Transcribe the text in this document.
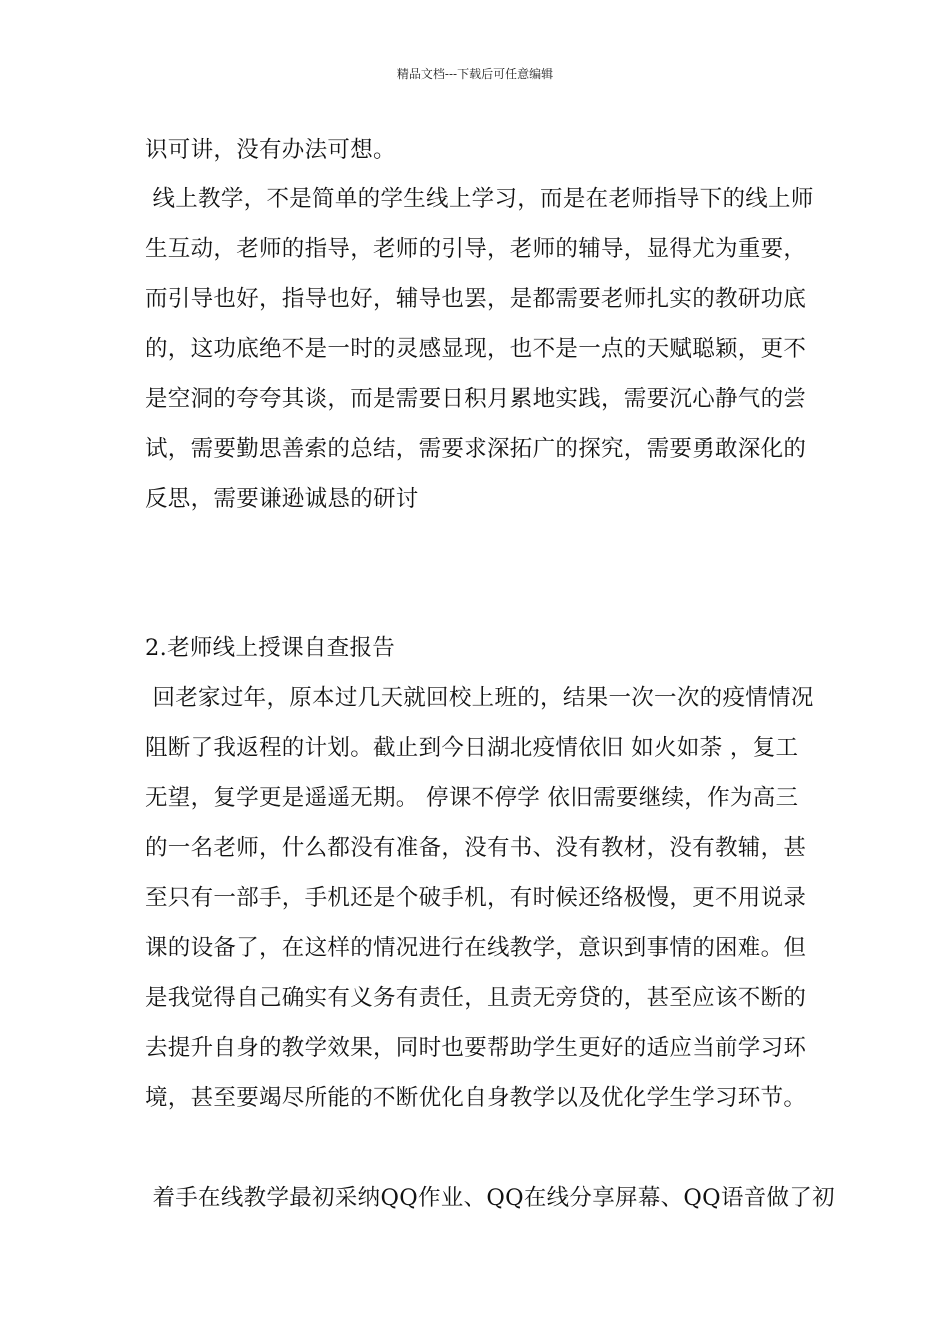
精品文档---下载后可任意编辑
识可讲，没有办法可想。
线上教学，不是简单的学生线上学习，而是在老师指导下的线上师
生互动，老师的指导，老师的引导，老师的辅导，显得尤为重要，
而引导也好，指导也好，辅导也罢，是都需要老师扎实的教研功底
的，这功底绝不是一时的灵感显现，也不是一点的天赋聪颖，更不
是空洞的夸夸其谈，而是需要日积月累地实践，需要沉心静气的尝
试，需要勤思善索的总结，需要求深拓广的探究，需要勇敢深化的
反思，需要谦逊诚恳的研讨
2.老师线上授课自查报告
回老家过年，原本过几天就回校上班的，结果一次一次的疫情情况
阻断了我返程的计划。截止到今日湖北疫情依旧 如火如荼 ，复工
无望，复学更是遥遥无期。 停课不停学 依旧需要继续，作为高三
的一名老师，什么都没有准备，没有书、没有教材，没有教辅，甚
至只有一部手，手机还是个破手机，有时候还络极慢，更不用说录
课的设备了，在这样的情况进行在线教学，意识到事情的困难。但
是我觉得自己确实有义务有责任，且责无旁贷的，甚至应该不断的
去提升自身的教学效果，同时也要帮助学生更好的适应当前学习环
境，甚至要竭尽所能的不断优化自身教学以及优化学生学习环节。
着手在线教学最初采纳QQ作业、QQ在线分享屏幕、QQ语音做了初
